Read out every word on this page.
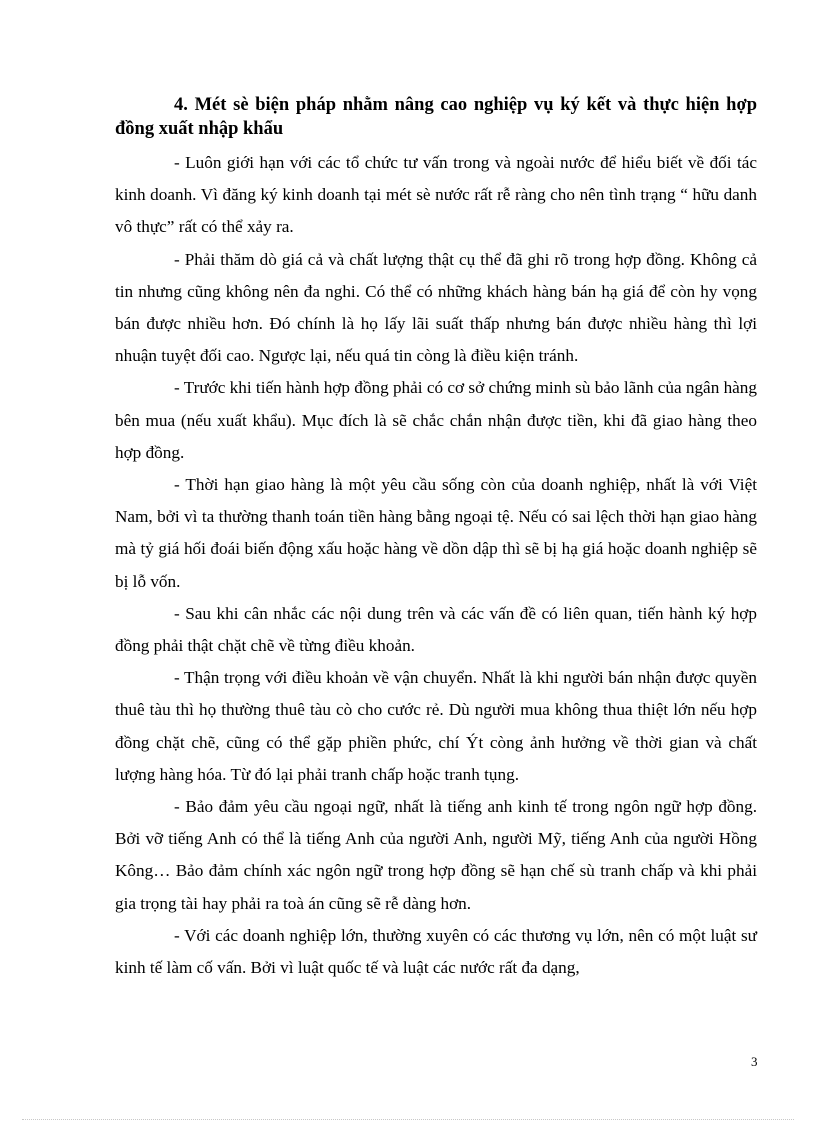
4. Mét sè biện pháp nhằm nâng cao nghiệp vụ ký kết và thực hiện hợp đồng xuất nhập khẩu

- Luôn giới hạn với các tổ chức tư vấn trong và ngoài nước để hiểu biết về đối tác kinh doanh. Vì đăng ký kinh doanh tại mét sè nước rất rễ ràng cho nên tình trạng “ hữu danh vô thực” rất có thể xảy ra.

- Phải thăm dò giá cả và chất lượng thật cụ thể đã ghi rõ trong hợp đồng. Không cả tin nhưng cũng không nên đa nghi. Có thể có những khách hàng bán hạ giá để còn hy vọng bán được nhiều hơn. Đó chính là họ lấy lãi suất thấp nhưng bán được nhiều hàng thì lợi nhuận tuyệt đối cao. Ngược lại, nếu quá tin còng là điều kiện tránh.

- Trước khi tiến hành hợp đồng phải có cơ sở chứng minh sù bảo lãnh của ngân hàng bên mua (nếu xuất khẩu). Mục đích là sẽ chắc chắn nhận được tiền, khi đã giao hàng theo hợp đồng.

- Thời hạn giao hàng là một yêu cầu sống còn của doanh nghiệp, nhất là với Việt Nam, bởi vì ta thường thanh toán tiền hàng bằng ngoại tệ. Nếu có sai lệch thời hạn giao hàng mà tỷ giá hối đoái biến động xấu hoặc hàng về dồn dập thì sẽ bị hạ giá hoặc doanh nghiệp sẽ bị lỗ vốn.

- Sau khi cân nhắc các nội dung trên và các vấn đề có liên quan, tiến hành ký hợp đồng phải thật chặt chẽ về từng điều khoản.

- Thận trọng với điều khoản về vận chuyển. Nhất là khi người bán nhận được quyền thuê tàu thì họ thường thuê tàu cò cho cước rẻ. Dù người mua không thua thiệt lớn nếu hợp đồng chặt chẽ, cũng có thể gặp phiền phức, chí Ýt còng ảnh hưởng về thời gian và chất lượng hàng hóa. Từ đó lại phải tranh chấp hoặc tranh tụng.

- Bảo đảm yêu cầu ngoại ngữ, nhất là tiếng anh kinh tế trong ngôn ngữ hợp đồng. Bởi vỡ tiếng Anh có thể là tiếng Anh của người Anh, người Mỹ, tiếng Anh của người Hồng Kông… Bảo đảm chính xác ngôn ngữ trong hợp đồng sẽ hạn chế sù tranh chấp và khi phải gia trọng tài hay phải ra toà án cũng sẽ rễ dàng hơn.

- Với các doanh nghiệp lớn, thường xuyên có các thương vụ lớn, nên có một luật sư kinh tế làm cố vấn. Bởi vì luật quốc tế và luật các nước rất đa dạng,

3
